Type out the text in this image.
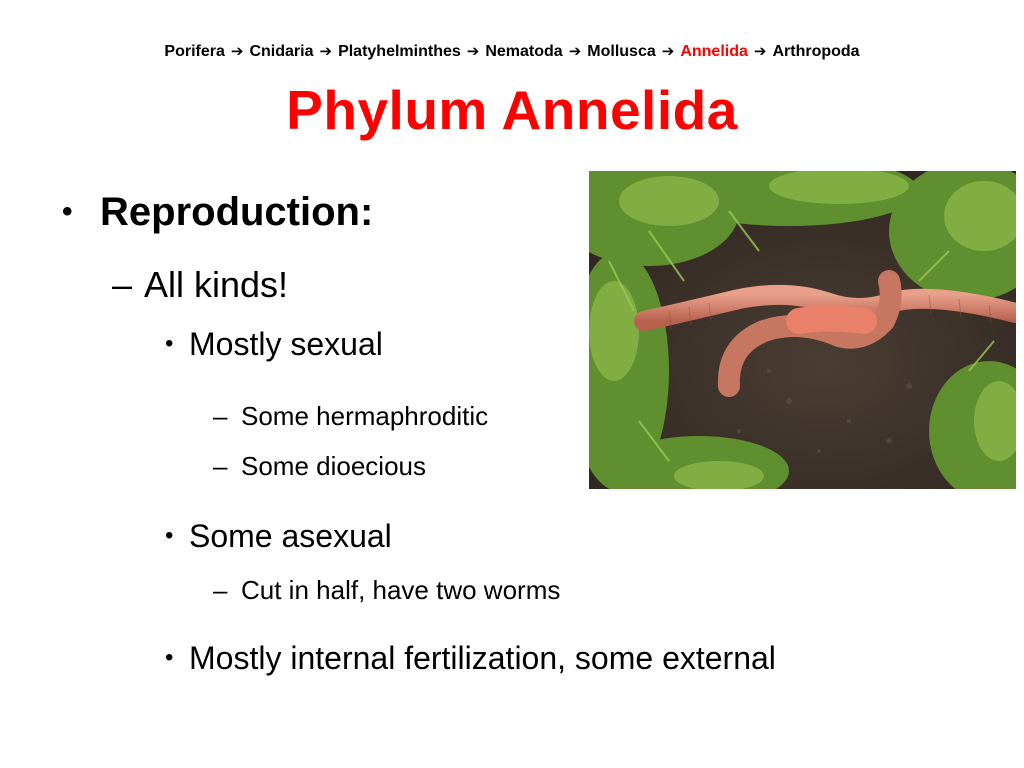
Porifera ➔ Cnidaria ➔ Platyhelminthes ➔ Nematoda ➔ Mollusca ➔ Annelida ➔ Arthropoda
Phylum Annelida
• Reproduction:
– All kinds!
• Mostly sexual
– Some hermaphroditic
– Some dioecious
• Some asexual
– Cut in half, have two worms
• Mostly internal fertilization, some external
